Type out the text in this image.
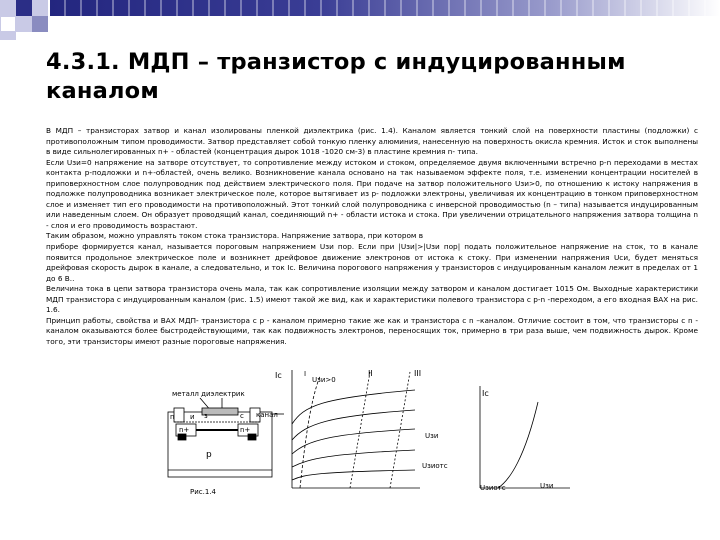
4.3.1. МДП – транзистор с индуцированным каналом

В МДП – транзисторах затвор и канал изолированы пленкой диэлектрика (рис. 1.4). Каналом является тонкий слой на поверхности пластины (подложки) с противоположным типом проводимости. Затвор представляет собой тонкую пленку алюминия, нанесенную на поверхность окисла кремния. Исток и сток выполнены в виде сильнолегированных n+ - областей (концентрация дырок 1018 -1020 см-3) в пластине кремния n- типа.

Если Uзи=0 напряжение на затворе отсутствует, то сопротивление между истоком и стоком, определяемое двумя включенными встречно p-n переходами в местах контакта p-подложки и n+-областей, очень велико. Возникновение канала основано на так называемом эффекте поля, т.е. изменении концентрации носителей в приповерхностном слое полупроводник под действием электрического поля. При подаче на затвор положительного Uзи>0, по отношению к истоку напряжения в подложке полупроводника возникает электрическое поле, которое вытягивает из p- подложки электроны, увеличивая их концентрацию в тонком приповерхностном слое и изменяет тип его проводимости на противоположный. Этот тонкий слой полупроводника с инверсной проводимостью (n – типа) называется индуцированным или наведенным слоем. Он образует проводящий канал, соединяющий n+ - области истока и стока. При увеличении отрицательного напряжения затвора толщина n - слоя и его проводимость возрастают.

Таким образом, можно управлять током стока транзистора. Напряжение затвора, при котором в

приборе формируется канал, называется пороговым напряжением Uзи пор. Если при |Uзи|>|Uзи пор| подать положительное напряжение на сток, то в канале появится продольное электрическое поле и возникнет дрейфовое движение электронов от истока к стоку. При изменении напряжения Uси, будет меняться дрейфовая скорость дырок в канале, а следовательно, и ток Iс. Величина порогового напряжения у транзисторов с индуцированным каналом лежит в пределах от 1 до 6 В..

Величина тока в цепи затвора транзистора очень мала, так как сопротивление изоляции между затвором и каналом достигает 1015 Ом. Выходные характеристики МДП транзистора с индуцированным каналом (рис. 1.5) имеют такой же вид, как и характеристики полевого транзистора с p-n -переходом, а его входная ВАХ на рис. 1.6.

Принцип работы, свойства и ВАХ МДП- транзистора с р - каналом примерно такие же как и транзистора с n –каналом. Отличие состоит в том, что транзисторы с n - каналом оказываются более быстродействующими, так как подвижность электронов, переносящих ток, примерно в три раза выше, чем подвижность дырок. Кроме того, эти транзисторы имеют разные пороговые напряжения.

металл диэлектрик
n	з
и	с канал
n+	n+
p
Рис.1.4
Iс	Uзи>0
I	II	III
Uзи
Uзиотс
Iс
Uзиотс	Uзи
